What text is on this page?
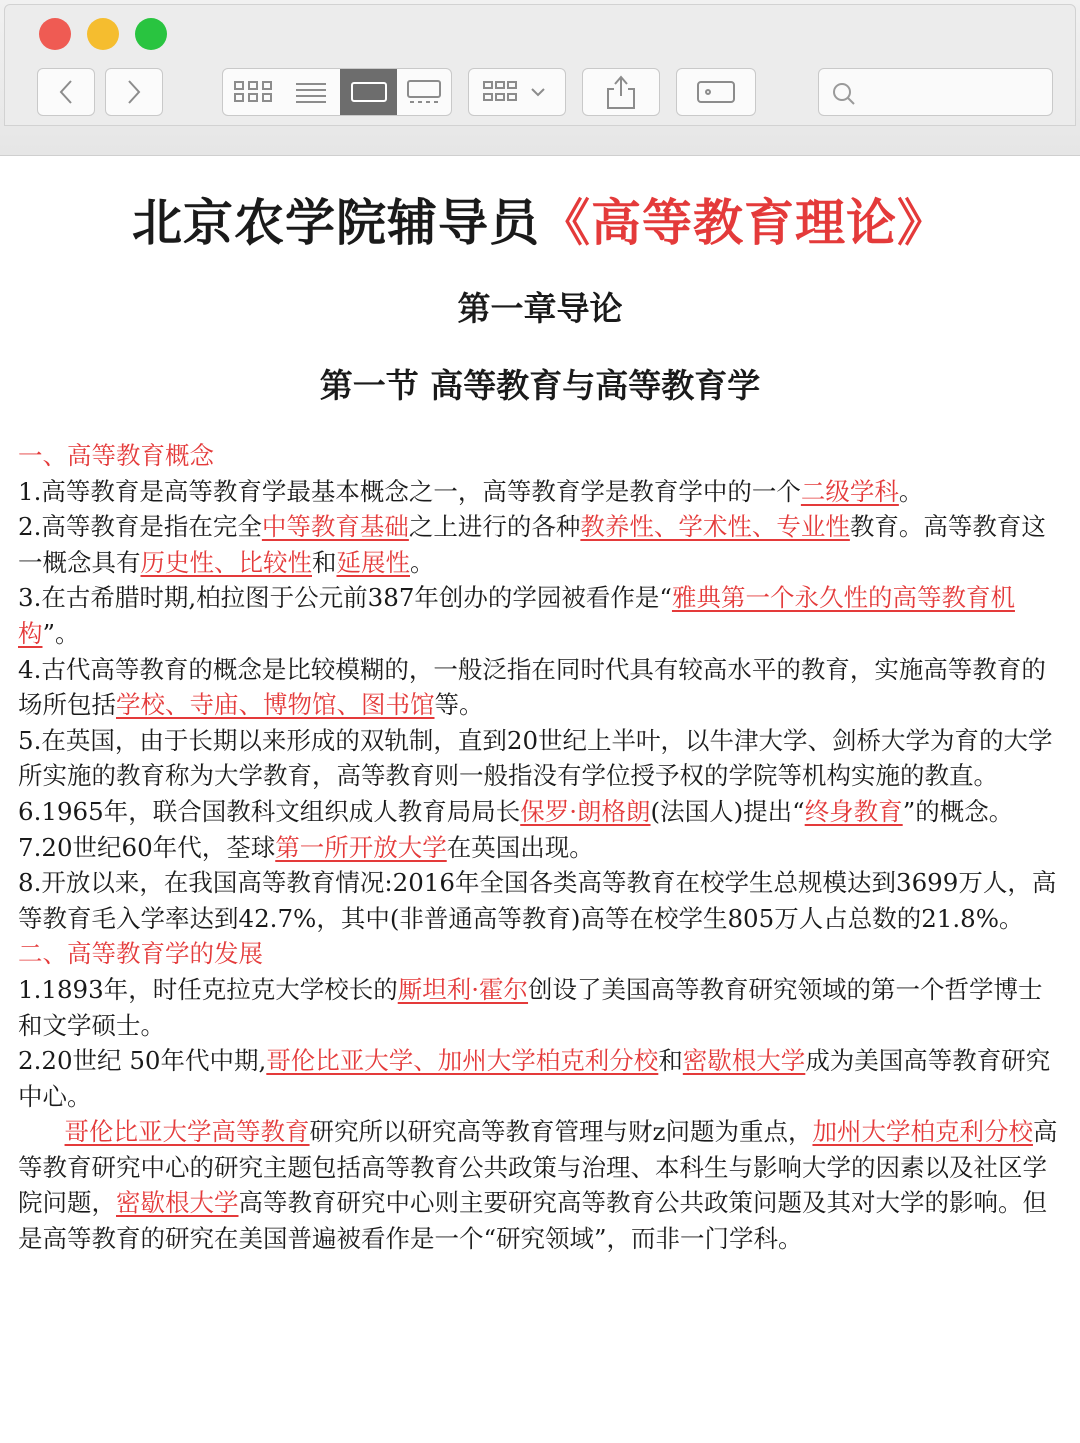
北京农学院辅导员《高等教育理论》
第一章导论
第一节 高等教育与高等教育学

一、高等教育概念

1.高等教育是高等教育学最基本概念之一，高等教育学是教育学中的一个二级学科。

2.高等教育是指在完全中等教育基础之上进行的各种教养性、学术性、专业性教育。高等教育这一概念具有历史性、比较性和延展性。

3.在古希腊时期,柏拉图于公元前387年创办的学园被看作是“雅典第一个永久性的高等教育机构”。

4.古代高等教育的概念是比较模糊的，一般泛指在同时代具有较高水平的教育，实施高等教育的场所包括学校、寺庙、博物馆、图书馆等。

5.在英国，由于长期以来形成的双轨制，直到20世纪上半叶，以牛津大学、剑桥大学为育的大学所实施的教育称为大学教育，高等教育则一般指没有学位授予权的学院等机构实施的教直。

6.1965年，联合国教科文组织成人教育局局长保罗·朗格朗(法国人)提出“终身教育”的概念。

7.20世纪60年代，荃球第一所开放大学在英国出现。

8.开放以来，在我国高等教育情况:2016年全国各类高等教育在校学生总规模达到3699万人，高等教育毛入学率达到42.7%，其中(非普通高等教育)高等在校学生805万人占总数的21.8%。

二、高等教育学的发展

1.1893年，时任克拉克大学校长的厮坦利·霍尔创设了美国高等教育研究领域的第一个哲学博士和文学硕士。

2.20世纪 50年代中期,哥伦比亚大学、加州大学柏克利分校和密歇根大学成为美国高等教育研究中心。

哥伦比亚大学高等教育研究所以研究高等教育管理与财z问题为重点，加州大学柏克利分校高等教育研究中心的研究主题包括高等教育公共政策与治理、本科生与影响大学的因素以及社区学院问题，密歇根大学高等教育研究中心则主要研究高等教育公共政策问题及其对大学的影响。但是高等教育的研究在美国普遍被看作是一个“研究领域”，而非一门学科。
